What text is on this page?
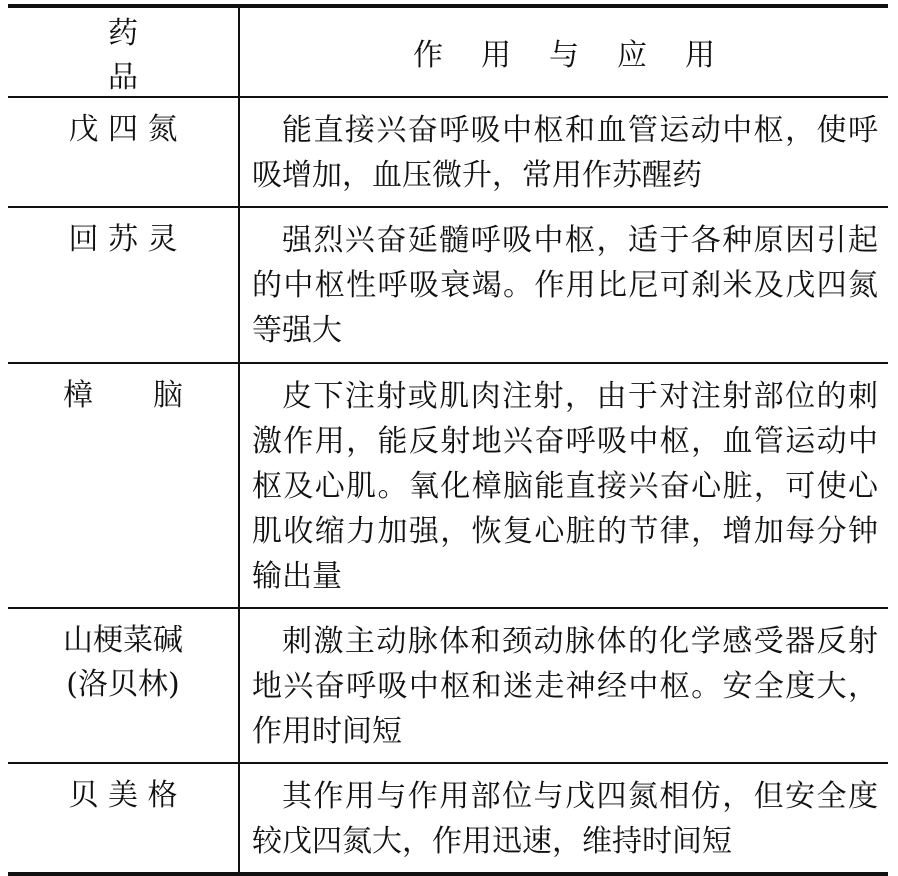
药品	作用与应用

戊 四 氮	能直接兴奋呼吸中枢和血管运动中枢，使呼吸增加，血压微升，常用作苏醒药

回 苏 灵	强烈兴奋延髓呼吸中枢，适于各种原因引起的中枢性呼吸衰竭。作用比尼可刹米及戊四氮等强大

樟　　脑	皮下注射或肌肉注射，由于对注射部位的刺激作用，能反射地兴奋呼吸中枢，血管运动中枢及心肌。氧化樟脑能直接兴奋心脏，可使心肌收缩力加强，恢复心脏的节律，增加每分钟输出量

山梗菜碱
(洛贝林)	刺激主动脉体和颈动脉体的化学感受器反射地兴奋呼吸中枢和迷走神经中枢。安全度大，作用时间短

贝 美 格	其作用与作用部位与戊四氮相仿，但安全度较戊四氮大，作用迅速，维持时间短
